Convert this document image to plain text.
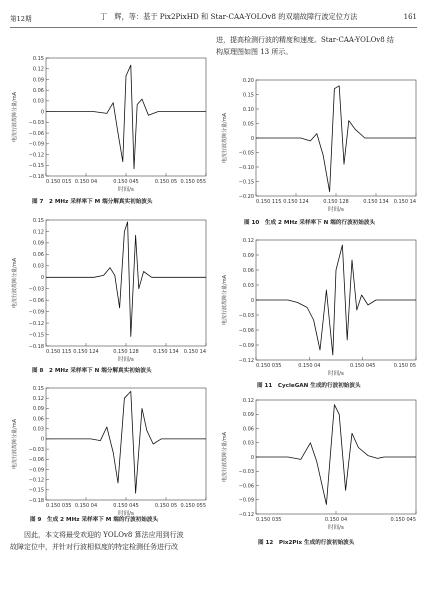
第12期	丁　辉，等：基于 Pix2PixHD 和 Star-CAA-YOLOv8 的双端故障行波定位方法	161
进，提高检测行波的精度和速度。Star-CAA-YOLOv8 结
构原理图如图 13 所示。
0.15
0.12
0.09
0.06
0.03
0
−0.03
−0.06
−0.09
−0.12
−0.15
−0.18
0.150 015 0.150 04	0.150 045	0.150 05 0.150 055
时间/s
电流行波故障分量/mA
图 7　2 MHz 采样率下 M 端分解真实初始波头
0.15
0.12
0.09
0.06
0.03
0
−0.03
−0.06
−0.09
−0.12
−0.15
−0.18
0.150 115 0.150 124	0.150 128	0.150 134 0.150 14
时间/s
电流行波故障分量/mA
图 8　2 MHz 采样率下 N 端分解真实初始波头
0.15
0.12
0.09
0.06
0.03
0
−0.03
−0.06
−0.09
−0.12
−0.15
−0.18
0.150 035 0.150 04	0.150 045	0.150 05 0.150 055
时间/s
电流行波故障分量/mA
图 9　生成 2 MHz 采样率下 M 端的行波初始波头
0.20
0.15
0.10
0.05
0
−0.05
−0.10
−0.15
−0.20
0.150 115 0.150 124	0.150 128	0.150 134 0.150 14
时间/s
电流行波故障分量/mA
图 10　生成 2 MHz 采样率下 N 端的行波初始波头
0.12
0.09
0.06
0.03
0
−0.03
−0.06
−0.09
−0.12
0.150 035	0.150 04	0.150 045	0.150 05
时间/s
电流行波故障分量/mA
图 11　CycleGAN 生成的行波初始波头
0.12
0.09
0.06
0.03
0
−0.03
−0.06
−0.09
−0.12
0.150 035	0.150 04	0.150 045
时间/s
电流行波故障分量/mA
图 12　Pix2Pix 生成的行波初始波头
因此，本文将最受欢迎的 YOLOv8 算法应用到行波
故障定位中，并针对行波相似度的特定检测任务进行改
